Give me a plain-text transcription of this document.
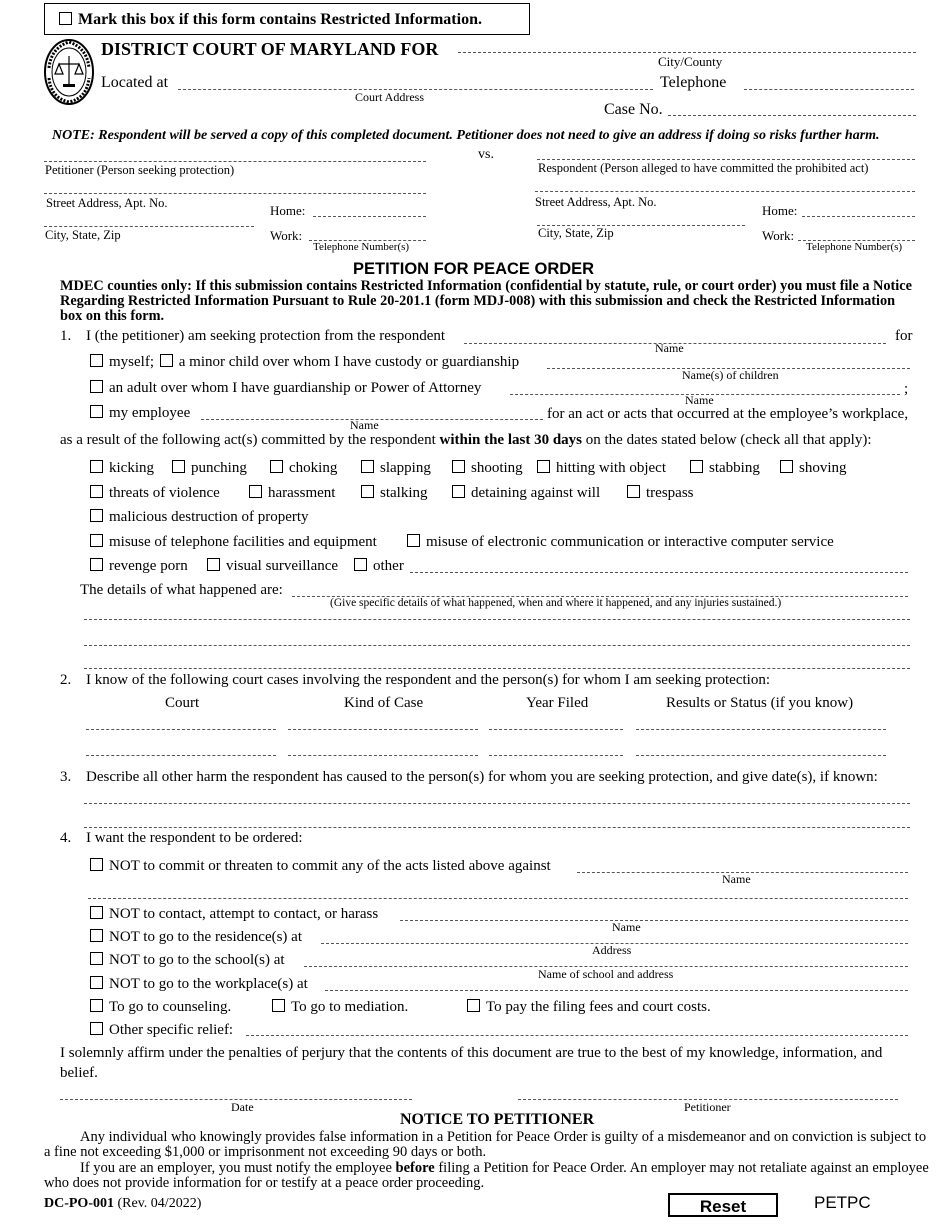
Mark this box if this form contains Restricted Information.
DISTRICT COURT OF MARYLAND FOR
City/County
Located at
Court Address
Telephone
Case No.
NOTE: Respondent will be served a copy of this completed document. Petitioner does not need to give an address if doing so risks further harm.
vs.
Petitioner (Person seeking protection)	Respondent (Person alleged to have committed the prohibited act)
Street Address, Apt. No.	Street Address, Apt. No.
Home:	Home:
City, State, Zip	City, State, Zip
Work:
Telephone Number(s)
Work:
Telephone Number(s)
PETITION FOR PEACE ORDER
MDEC counties only: If this submission contains Restricted Information (confidential by statute, rule, or court order) you must file a Notice Regarding Restricted Information Pursuant to Rule 20-201.1 (form MDJ-008) with this submission and check the Restricted Information box on this form.
1. I (the petitioner) am seeking protection from the respondent	for
Name
myself; a minor child over whom I have custody or guardianship
Name(s) of children
an adult over whom I have guardianship or Power of Attorney	;
Name
my employee
Name
for an act or acts that occurred at the employee’s workplace,
as a result of the following act(s) committed by the respondent within the last 30 days on the dates stated below (check all that apply):
kicking	punching	choking	slapping	shooting	hitting with object	stabbing	shoving
threats of violence	harassment	stalking	detaining against will	trespass
malicious destruction of property
misuse of telephone facilities and equipment	misuse of electronic communication or interactive computer service
revenge porn	visual surveillance	other
The details of what happened are:
(Give specific details of what happened, when and where it happened, and any injuries sustained.)
2. I know of the following court cases involving the respondent and the person(s) for whom I am seeking protection:
Court	Kind of Case	Year Filed	Results or Status (if you know)
3. Describe all other harm the respondent has caused to the person(s) for whom you are seeking protection, and give date(s), if known:
4. I want the respondent to be ordered:
NOT to commit or threaten to commit any of the acts listed above against
Name
NOT to contact, attempt to contact, or harass
Name
NOT to go to the residence(s) at
Address
NOT to go to the school(s) at
Name of school and address
NOT to go to the workplace(s) at
To go to counseling.	To go to mediation.	To pay the filing fees and court costs.
Other specific relief:
I solemnly affirm under the penalties of perjury that the contents of this document are true to the best of my knowledge, information, and belief.
Date	Petitioner
NOTICE TO PETITIONER
Any individual who knowingly provides false information in a Petition for Peace Order is guilty of a misdemeanor and on conviction is subject to a fine not exceeding $1,000 or imprisonment not exceeding 90 days or both.
If you are an employer, you must notify the employee before filing a Petition for Peace Order. An employer may not retaliate against an employee who does not provide information for or testify at a peace order proceeding.
DC-PO-001 (Rev. 04/2022)	Reset	PETPC
